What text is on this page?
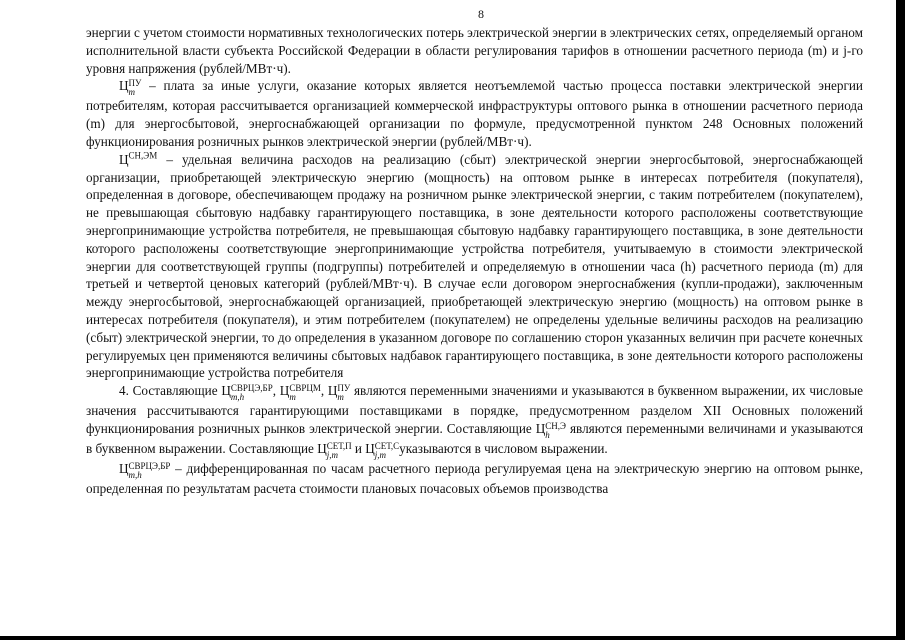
8

энергии с учетом стоимости нормативных технологических потерь электрической энергии в электрических сетях, определяемый органом исполнительной власти субъекта Российской Федерации в области регулирования тарифов в отношении расчетного периода (m) и j-го уровня напряжения (рублей/МВт·ч).

Ц ПУ
m – плата за иные услуги, оказание которых является неотъемлемой частью процесса поставки электрической энергии потребителям, которая рассчитывается организацией коммерческой инфраструктуры оптового рынка в отношении расчетного периода (m) для энергосбытовой, энергоснабжающей организации по формуле, предусмотренной пунктом 248 Основных положений функционирования розничных рынков электрической энергии (рублей/МВт·ч).

$Ц^{СН,ЭМ}$ – удельная величина расходов на реализацию (сбыт) электрической энергии энергосбытовой, энергоснабжающей организации, приобретающей электрическую энергию (мощность) на оптовом рынке в интересах потребителя (покупателя), определенная в договоре, обеспечивающем продажу на розничном рынке электрической энергии, с таким потребителем (покупателем), не превышающая сбытовую надбавку гарантирующего поставщика, в зоне деятельности которого расположены соответствующие энергопринимающие устройства потребителя, не превышающая сбытовую надбавку гарантирующего поставщика, в зоне деятельности которого расположены соответствующие энергопринимающие устройства потребителя, учитываемую в стоимости электрической энергии для соответствующей группы (подгруппы) потребителей и определяемую в отношении часа (h) расчетного периода (m) для третьей и четвертой ценовых категорий (рублей/МВт·ч). В случае если договором энергоснабжения (купли-продажи), заключенным между энергосбытовой, энергоснабжающей организацией, приобретающей электрическую энергию (мощность) на оптовом рынке в интересах потребителя (покупателя), и этим потребителем (покупателем) не определены удельные величины расходов на реализацию (сбыт) электрической энергии, то до определения в указанном договоре по соглашению сторон указанных величин при расчете конечных регулируемых цен применяются величины сбытовых надбавок гарантирующего поставщика, в зоне деятельности которого расположены энергопринимающие устройства потребителя

4. Составляющие Ц СВРЦЭ,БР
m,h	, Ц СВРЦМ
m	, Ц ПУ
m являются переменными значениями и указываются в буквенном выражении, их числовые значения рассчитываются гарантирующими поставщиками в порядке, предусмотренном разделом XII Основных положений функционирования розничных рынков электрической энергии. Составляющие Ц СН,Э
h	являются переменными величинами и указываются в буквенном выражении. Составляющие Ц СЕТ,П
j,m	и Ц СЕТ,С
j,m указываются в числовом выражении.

Ц СВРЦЭ,БР
m,h	– дифференцированная по часам расчетного периода регулируемая цена на электрическую энергию на оптовом рынке, определенная по результатам расчета стоимости плановых почасовых объемов производства
